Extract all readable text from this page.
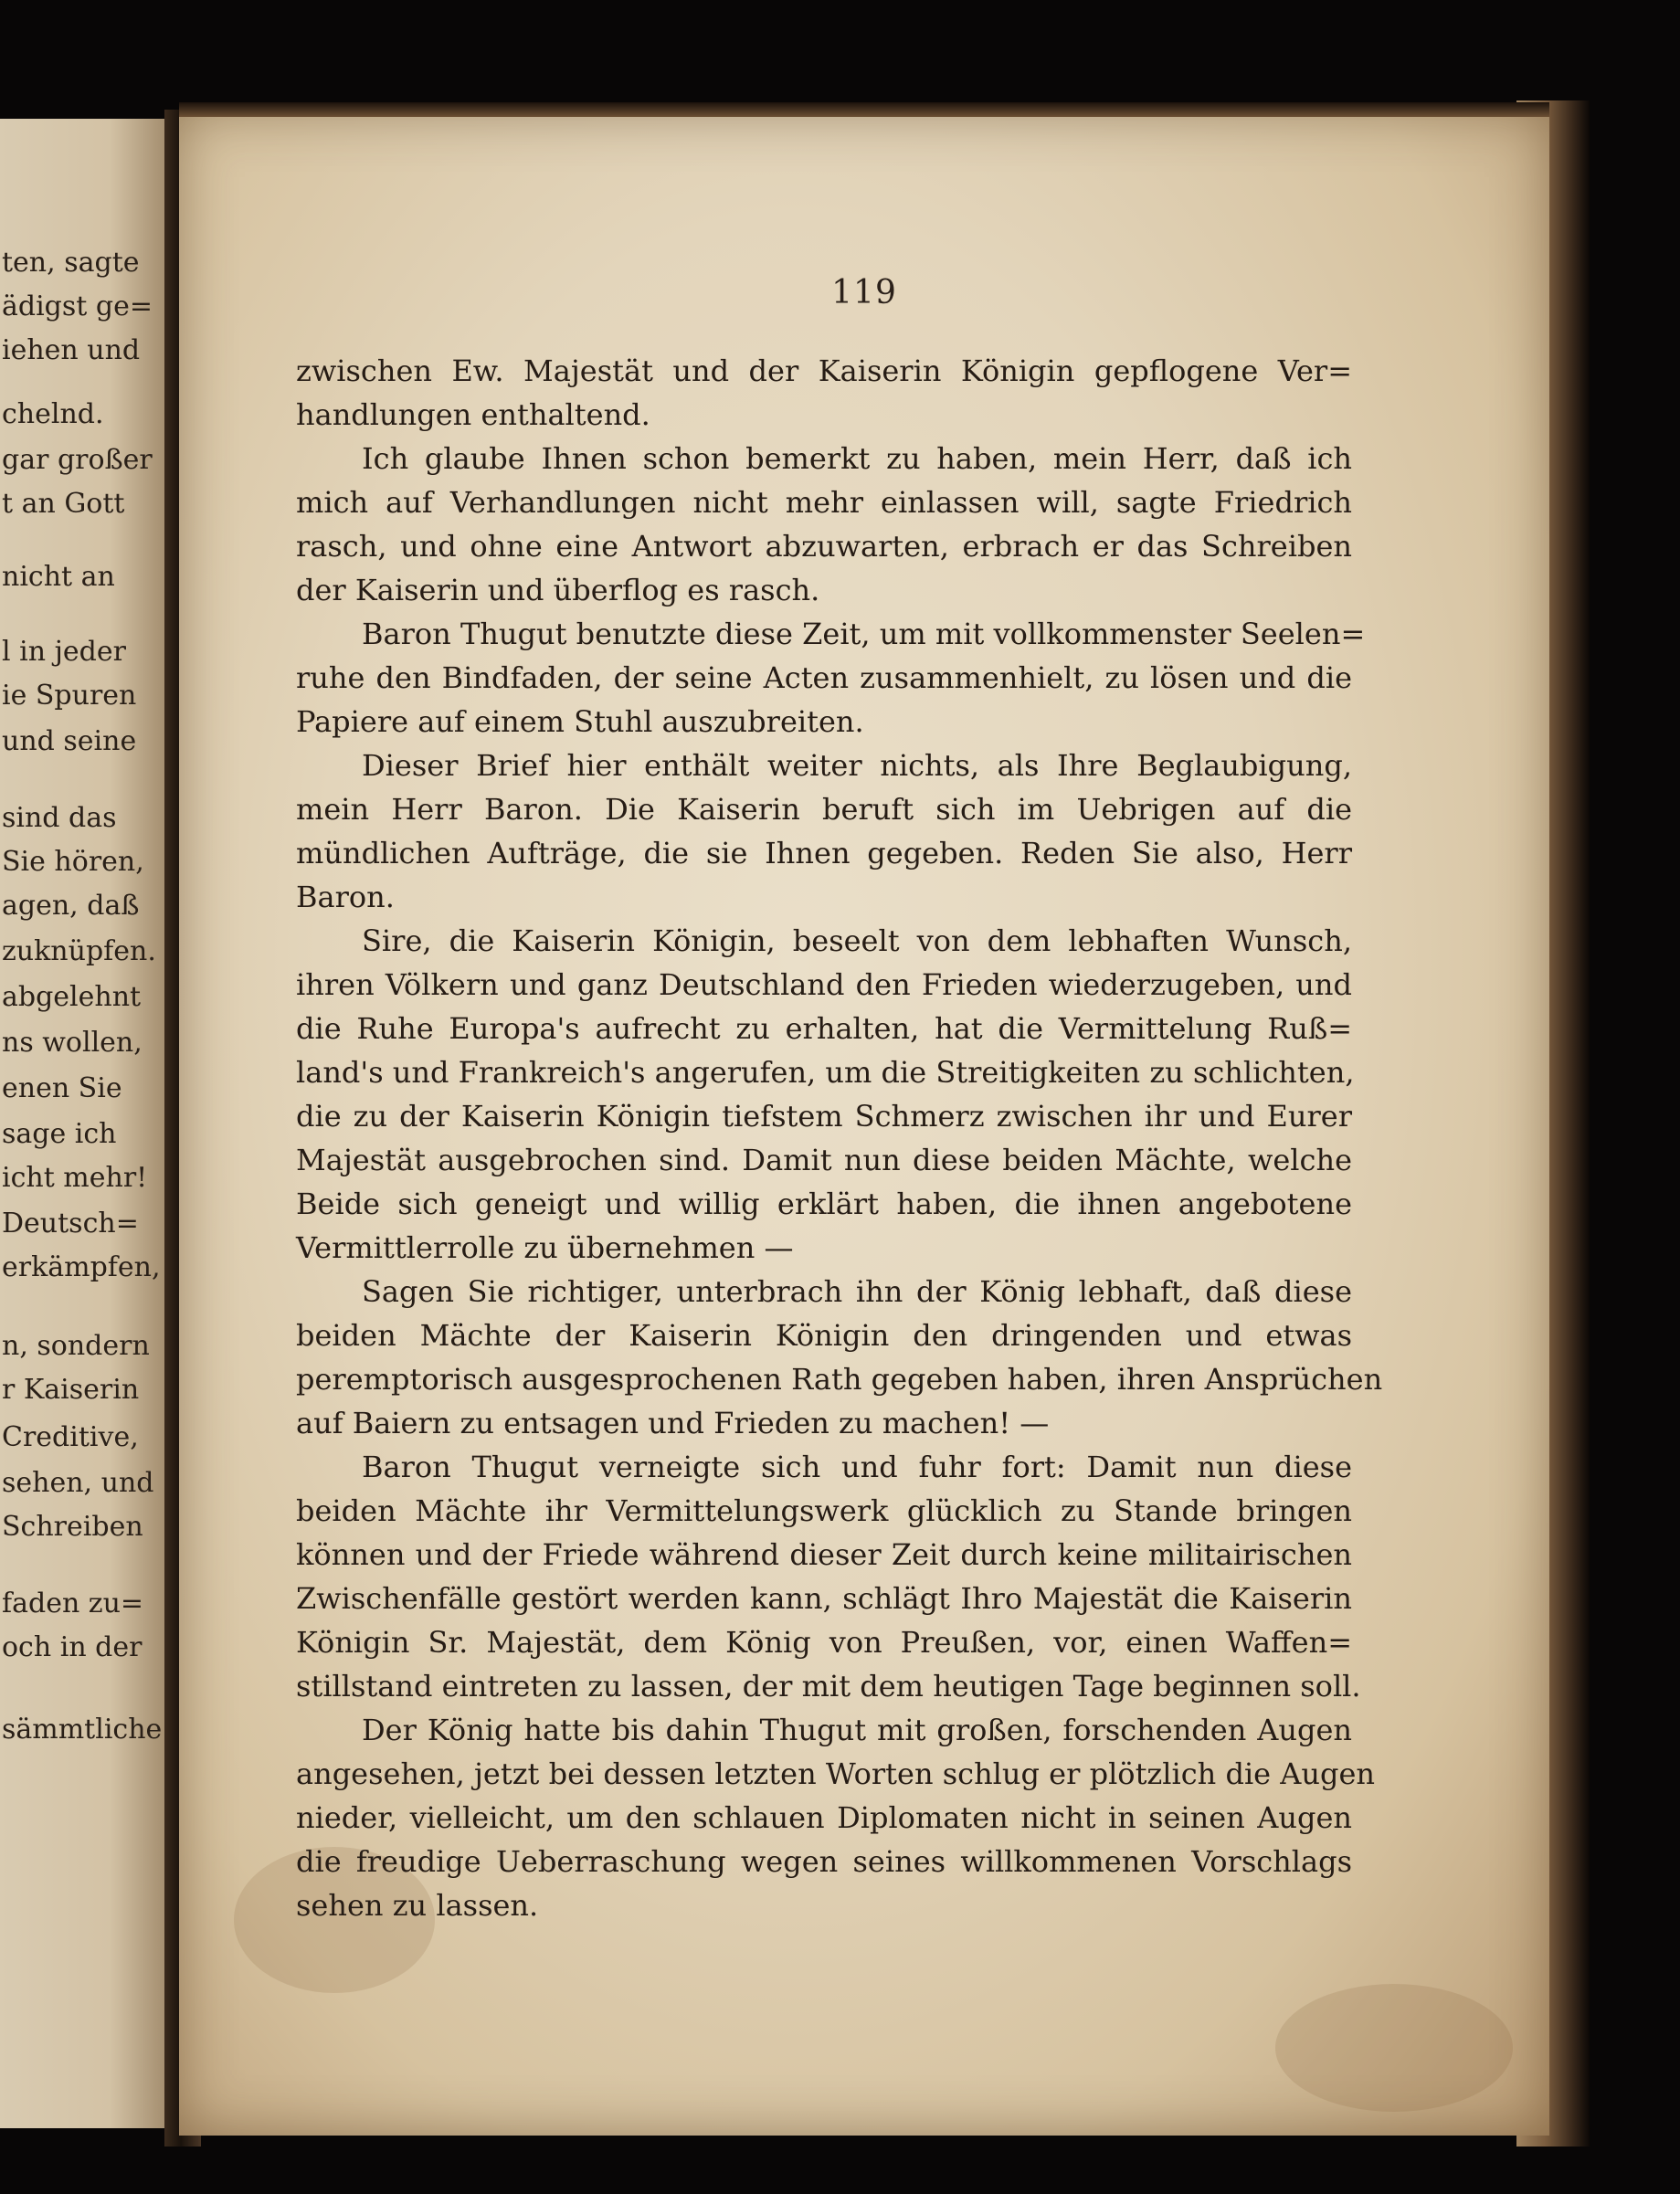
ten, sagte
ädigst ge=
iehen und
chelnd.
gar großer
t an Gott
nicht an
l in jeder
ie Spuren
und seine
sind das
Sie hören,
agen, daß
zuknüpfen.
abgelehnt
ns wollen,
enen Sie
sage ich
icht mehr!
Deutsch=
erkämpfen,
n, sondern
r Kaiserin
Creditive,
sehen, und
Schreiben
faden zu=
och in der
sämmtliche
119
zwischen Ew. Majestät und der Kaiserin Königin gepflogene Ver=
handlungen enthaltend.
Ich glaube Ihnen schon bemerkt zu haben, mein Herr, daß ich
mich auf Verhandlungen nicht mehr einlassen will, sagte Friedrich
rasch, und ohne eine Antwort abzuwarten, erbrach er das Schreiben
der Kaiserin und überflog es rasch.
Baron Thugut benutzte diese Zeit, um mit vollkommenster Seelen=
ruhe den Bindfaden, der seine Acten zusammenhielt, zu lösen und die
Papiere auf einem Stuhl auszubreiten.
Dieser Brief hier enthält weiter nichts, als Ihre Beglaubigung,
mein Herr Baron. Die Kaiserin beruft sich im Uebrigen auf die
mündlichen Aufträge, die sie Ihnen gegeben. Reden Sie also, Herr
Baron.
Sire, die Kaiserin Königin, beseelt von dem lebhaften Wunsch,
ihren Völkern und ganz Deutschland den Frieden wiederzugeben, und
die Ruhe Europa's aufrecht zu erhalten, hat die Vermittelung Ruß=
land's und Frankreich's angerufen, um die Streitigkeiten zu schlichten,
die zu der Kaiserin Königin tiefstem Schmerz zwischen ihr und Eurer
Majestät ausgebrochen sind. Damit nun diese beiden Mächte, welche
Beide sich geneigt und willig erklärt haben, die ihnen angebotene
Vermittlerrolle zu übernehmen —
Sagen Sie richtiger, unterbrach ihn der König lebhaft, daß diese
beiden Mächte der Kaiserin Königin den dringenden und etwas
peremptorisch ausgesprochenen Rath gegeben haben, ihren Ansprüchen
auf Baiern zu entsagen und Frieden zu machen! —
Baron Thugut verneigte sich und fuhr fort: Damit nun diese
beiden Mächte ihr Vermittelungswerk glücklich zu Stande bringen
können und der Friede während dieser Zeit durch keine militairischen
Zwischenfälle gestört werden kann, schlägt Ihro Majestät die Kaiserin
Königin Sr. Majestät, dem König von Preußen, vor, einen Waffen=
stillstand eintreten zu lassen, der mit dem heutigen Tage beginnen soll.
Der König hatte bis dahin Thugut mit großen, forschenden Augen
angesehen, jetzt bei dessen letzten Worten schlug er plötzlich die Augen
nieder, vielleicht, um den schlauen Diplomaten nicht in seinen Augen
die freudige Ueberraschung wegen seines willkommenen Vorschlags
sehen zu lassen.
